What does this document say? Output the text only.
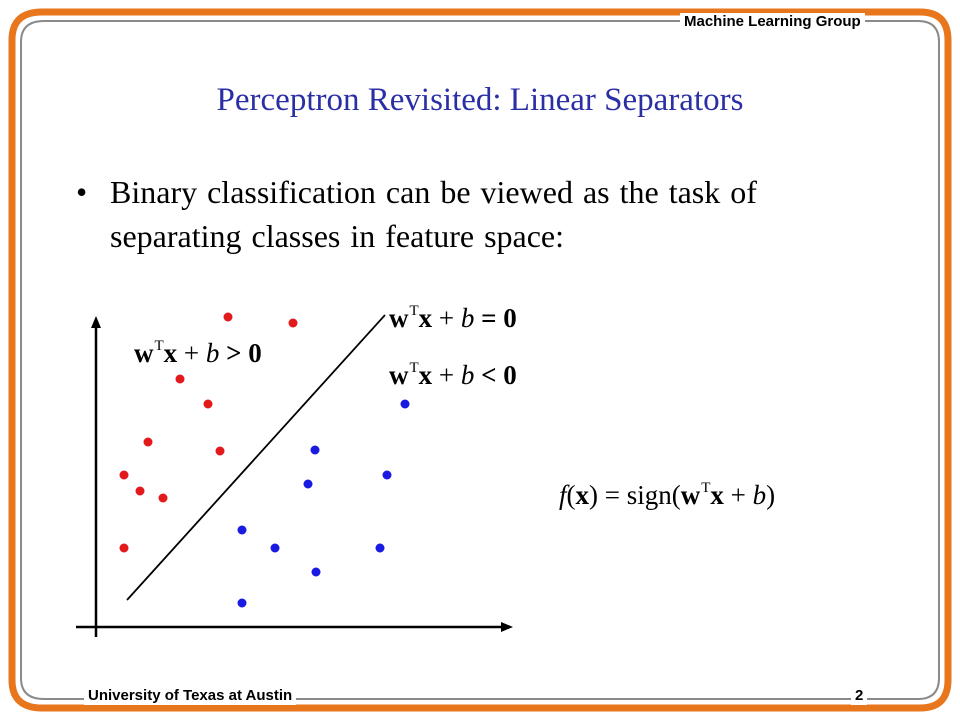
Machine Learning Group
University of Texas at Austin	2
Perceptron Revisited: Linear Separators
• Binary classification can be viewed as the task of separating classes in feature space:
$w^Tx + b = 0$
$w^Tx + b > 0$
$w^Tx + b < 0$
$f(x) = sign(w^Tx + b)$
